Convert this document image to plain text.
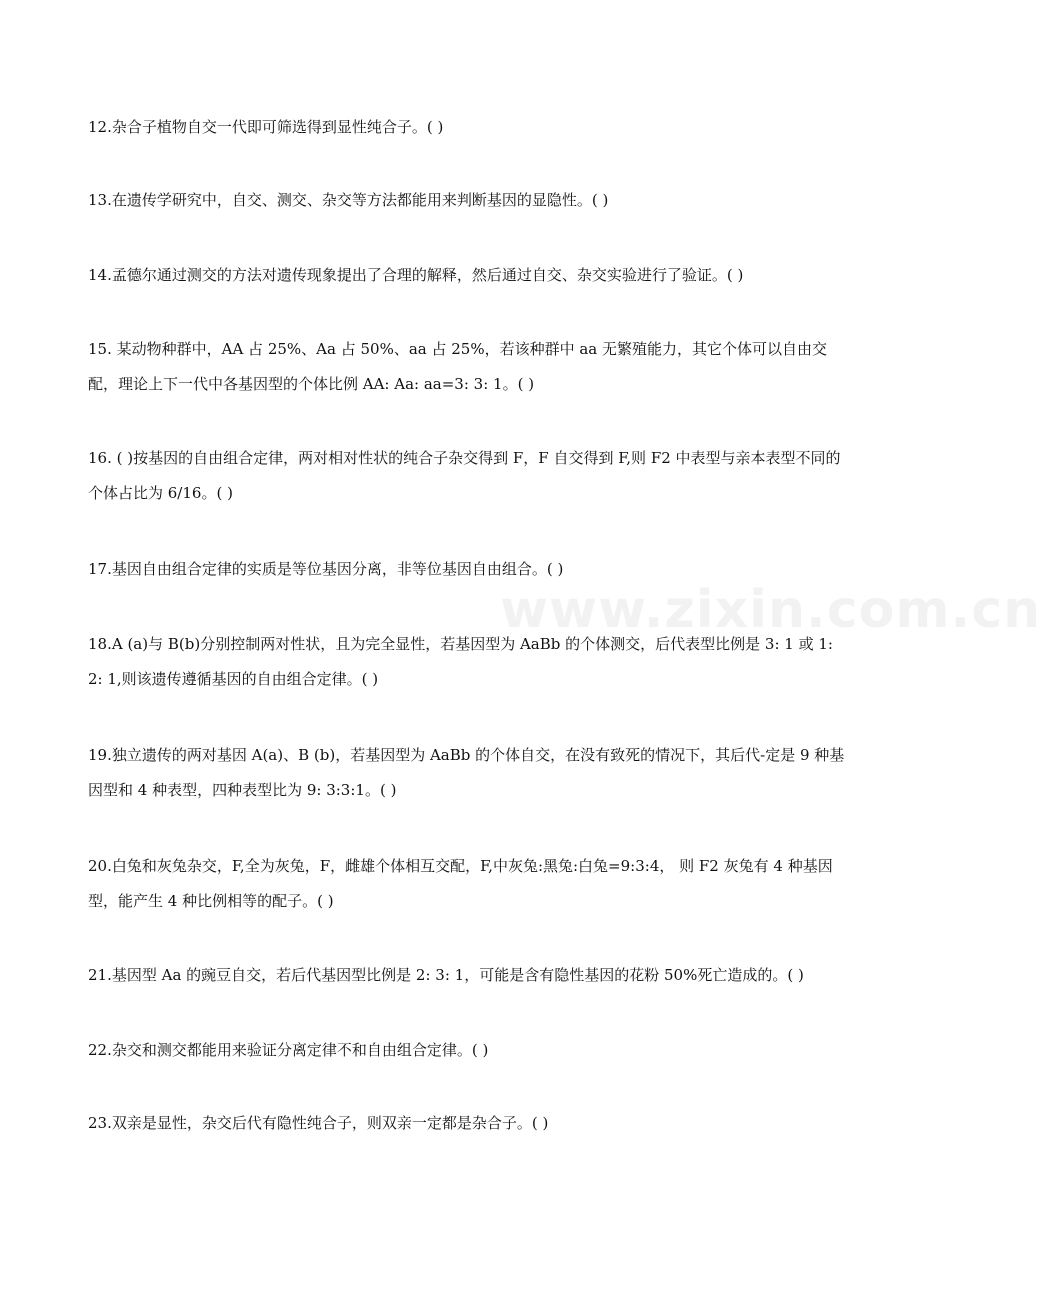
www.zixin.com.cn

12.杂合子植物自交一代即可筛选得到显性纯合子。( )

13.在遗传学研究中，自交、测交、杂交等方法都能用来判断基因的显隐性。( )

14.孟德尔通过测交的方法对遗传现象提出了合理的解释，然后通过自交、杂交实验进行了验证。( )

15. 某动物种群中，AA 占 25%、Aa 占 50%、aa 占 25%，若该种群中 aa 无繁殖能力，其它个体可以自由交配，理论上下一代中各基因型的个体比例 AA: Aa: aa=3: 3: 1。( )

16. ( )按基因的自由组合定律，两对相对性状的纯合子杂交得到 F，F 自交得到 F,则 F2 中表型与亲本表型不同的个体占比为 6/16。( )

17.基因自由组合定律的实质是等位基因分离，非等位基因自由组合。( )

18.A (a)与 B(b)分别控制两对性状，且为完全显性，若基因型为 AaBb 的个体测交，后代表型比例是 3: 1 或 1: 2: 1,则该遗传遵循基因的自由组合定律。( )

19.独立遗传的两对基因 A(a)、B (b)，若基因型为 AaBb 的个体自交，在没有致死的情况下，其后代-定是 9 种基因型和 4 种表型，四种表型比为 9: 3:3:1。( )

20.白兔和灰兔杂交，F,全为灰兔，F，雌雄个体相互交配，F,中灰兔:黑兔:白兔=9:3:4， 则 F2 灰兔有 4 种基因型，能产生 4 种比例相等的配子。( )

21.基因型 Aa 的豌豆自交，若后代基因型比例是 2: 3: 1，可能是含有隐性基因的花粉 50%死亡造成的。( )

22.杂交和测交都能用来验证分离定律不和自由组合定律。( )

23.双亲是显性，杂交后代有隐性纯合子，则双亲一定都是杂合子。( )
